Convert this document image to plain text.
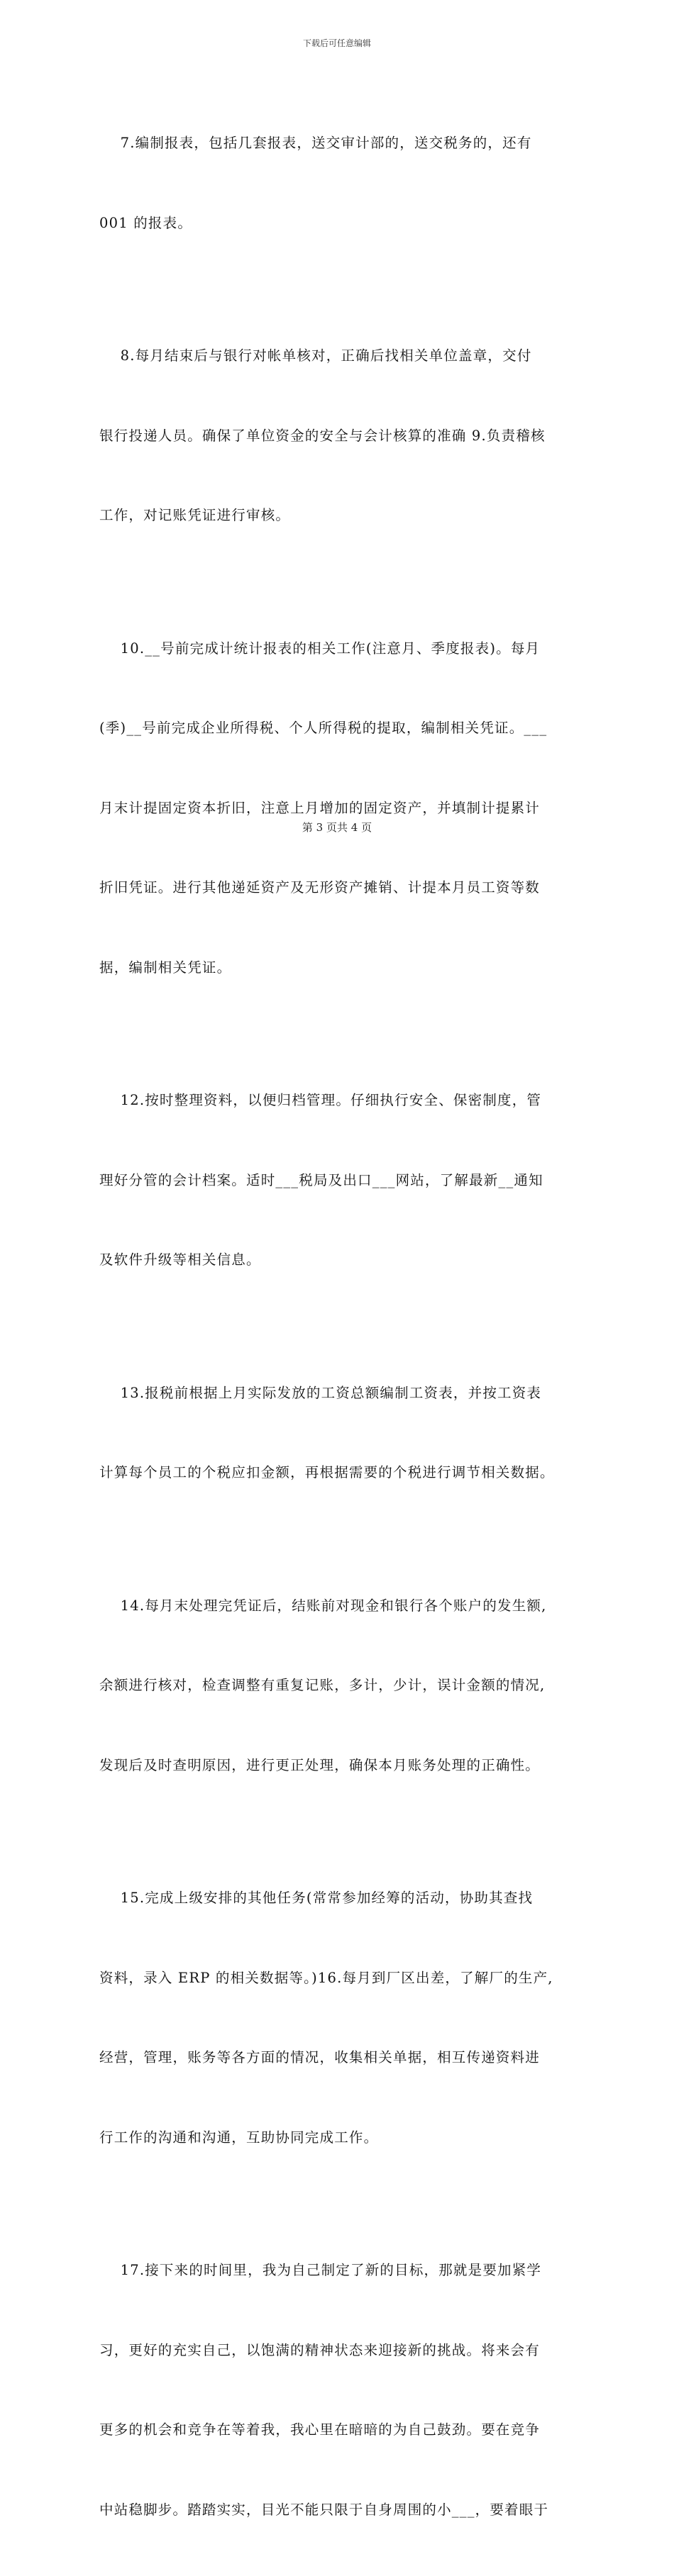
下载后可任意编辑

7.编制报表，包括几套报表，送交审计部的，送交税务的，还有

001 的报表。

8.每月结束后与银行对帐单核对，正确后找相关单位盖章，交付

银行投递人员。确保了单位资金的安全与会计核算的准确 9.负责稽核

工作，对记账凭证进行审核。

10.__号前完成计统计报表的相关工作(注意月、季度报表)。每月

(季)__号前完成企业所得税、个人所得税的提取，编制相关凭证。___

月末计提固定资本折旧，注意上月增加的固定资产，并填制计提累计

折旧凭证。进行其他递延资产及无形资产摊销、计提本月员工资等数

据，编制相关凭证。

12.按时整理资料，以便归档管理。仔细执行安全、保密制度，管

理好分管的会计档案。适时___税局及出口___网站，了解最新__通知

及软件升级等相关信息。

13.报税前根据上月实际发放的工资总额编制工资表，并按工资表

计算每个员工的个税应扣金额，再根据需要的个税进行调节相关数据。

14.每月末处理完凭证后，结账前对现金和银行各个账户的发生额,

余额进行核对，检查调整有重复记账，多计，少计，误计金额的情况,

发现后及时查明原因，进行更正处理，确保本月账务处理的正确性。

15.完成上级安排的其他任务(常常参加经筹的活动，协助其查找

资料，录入 ERP 的相关数据等。)16.每月到厂区出差，了解厂的生产,

经营，管理，账务等各方面的情况，收集相关单据，相互传递资料进

行工作的沟通和沟通，互助协同完成工作。

17.接下来的时间里，我为自己制定了新的目标，那就是要加紧学

习，更好的充实自己，以饱满的精神状态来迎接新的挑战。将来会有

更多的机会和竞争在等着我，我心里在暗暗的为自己鼓劲。要在竞争

中站稳脚步。踏踏实实，目光不能只限于自身周围的小___，要着眼于

第 3 页共 4 页
